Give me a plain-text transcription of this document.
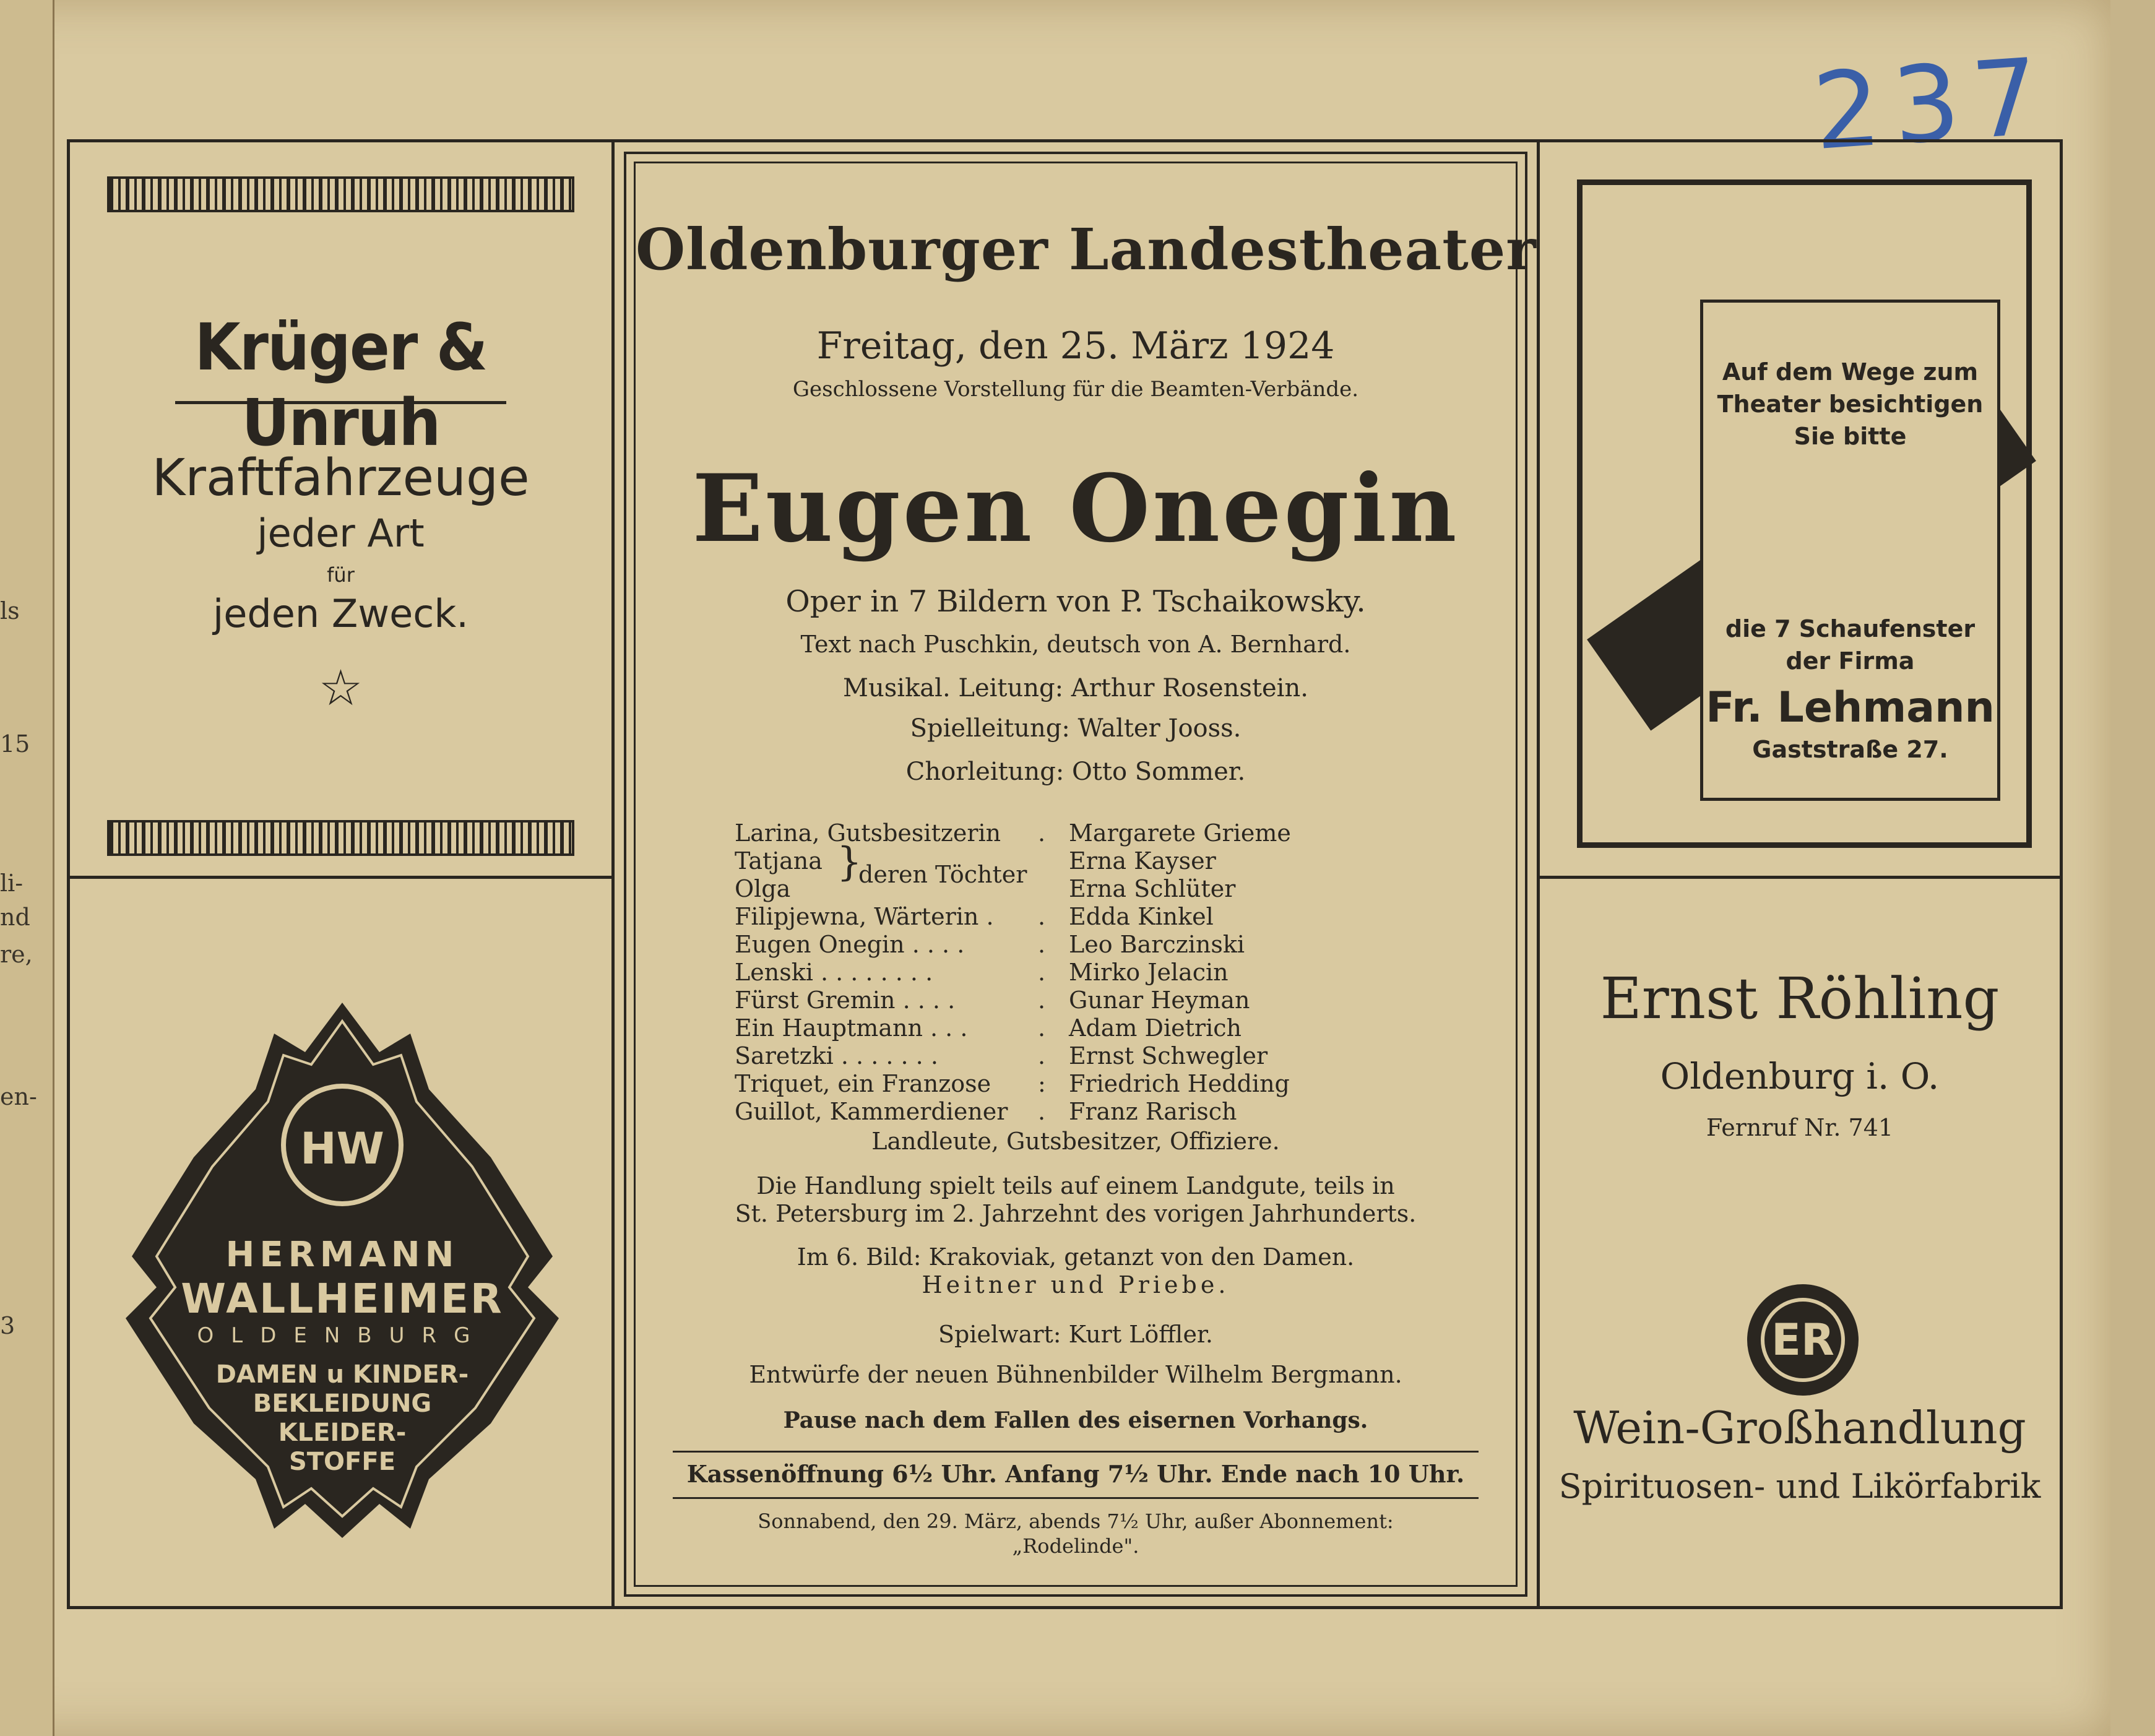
ls
15
li-
nd
re,
en-
3
237
Krüger & Unruh
Kraftfahrzeuge
jeder Art
für
jeden Zweck.
☆
HW
HERMANN
WALLHEIMER
OLDENBURG
DAMEN u KINDER-
BEKLEIDUNG
KLEIDER-
STOFFE
Oldenburger Landestheater
Freitag, den 25. März 1924
Geschlossene Vorstellung für die Beamten-Verbände.
Eugen Onegin
Oper in 7 Bildern von P. Tschaikowsky.
Text nach Puschkin, deutsch von A. Bernhard.
Musikal. Leitung: Arthur Rosenstein.
Spielleitung: Walter Jooss.
Chorleitung: Otto Sommer.
Larina, Gutsbesitzerin . Margarete Grieme
Tatjana	Erna Kayser
Olga	Erna Schlüter
}
deren Töchter
Filipjewna, Wärterin . . Edda Kinkel
Eugen Onegin . . . .	. Leo Barczinski
Lenski . . . . . . . .	. Mirko Jelacin
Fürst Gremin . . . .	. Gunar Heyman
Ein Hauptmann . . .	. Adam Dietrich
Saretzki . . . . . . .	. Ernst Schwegler
Triquet, ein Franzose : Friedrich Hedding
Guillot, Kammerdiener . Franz Rarisch
Landleute, Gutsbesitzer, Offiziere.
Die Handlung spielt teils auf einem Landgute, teils in
St. Petersburg im 2. Jahrzehnt des vorigen Jahrhunderts.
Im 6. Bild: Krakoviak, getanzt von den Damen.
Heitner und Priebe.
Spielwart: Kurt Löffler.
Entwürfe der neuen Bühnenbilder Wilhelm Bergmann.
Pause nach dem Fallen des eisernen Vorhangs.
Kassenöffnung 6½ Uhr. Anfang 7½ Uhr. Ende nach 10 Uhr.
Sonnabend, den 29. März, abends 7½ Uhr, außer Abonnement:
„Rodelinde".
Auf dem Wege zum
Theater besichtigen
Sie bitte
die 7 Schaufenster
der Firma
Fr. Lehmann
Gaststraße 27.
Ernst Röhling
Oldenburg i. O.
Fernruf Nr. 741
ER
Wein-Großhandlung
Spirituosen- und Likörfabrik
